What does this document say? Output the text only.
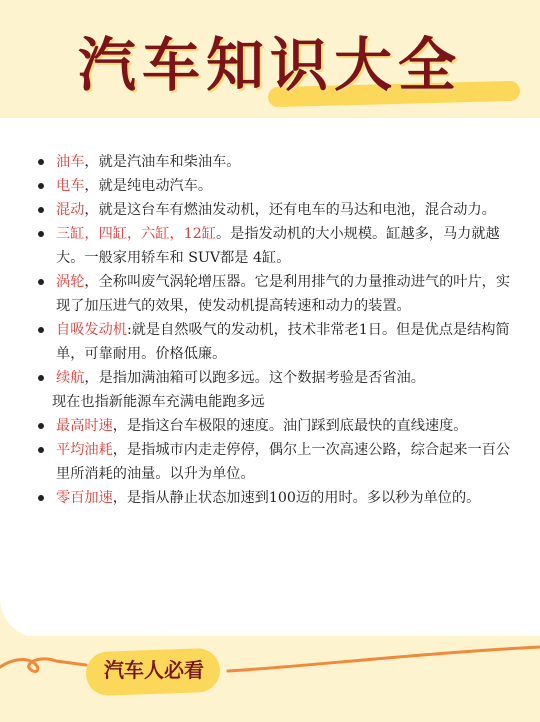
汽车知识大全
油车，就是汽油车和柴油车。
电车，就是纯电动汽车。
混动，就是这台车有燃油发动机，还有电车的马达和电池，混合动力。
三缸，四缸，六缸，12缸。是指发动机的大小规模。缸越多，马力就越大。一般家用轿车和 SUV都是 4缸。
涡轮，全称叫废气涡轮增压器。它是利用排气的力量推动进气的叶片，实现了加压进气的效果，使发动机提高转速和动力的装置。
自吸发动机:就是自然吸气的发动机，技术非常老1日。但是优点是结构简单，可靠耐用。价格低廉。
续航，是指加满油箱可以跑多远。这个数据考验是否省油。
现在也指新能源车充满电能跑多远
最高时速，是指这台车极限的速度。油门踩到底最快的直线速度。
平均油耗，是指城市内走走停停，偶尔上一次高速公路，综合起来一百公里所消耗的油量。以升为单位。
零百加速，是指从静止状态加速到100迈的用时。多以秒为单位的。
汽车人必看
